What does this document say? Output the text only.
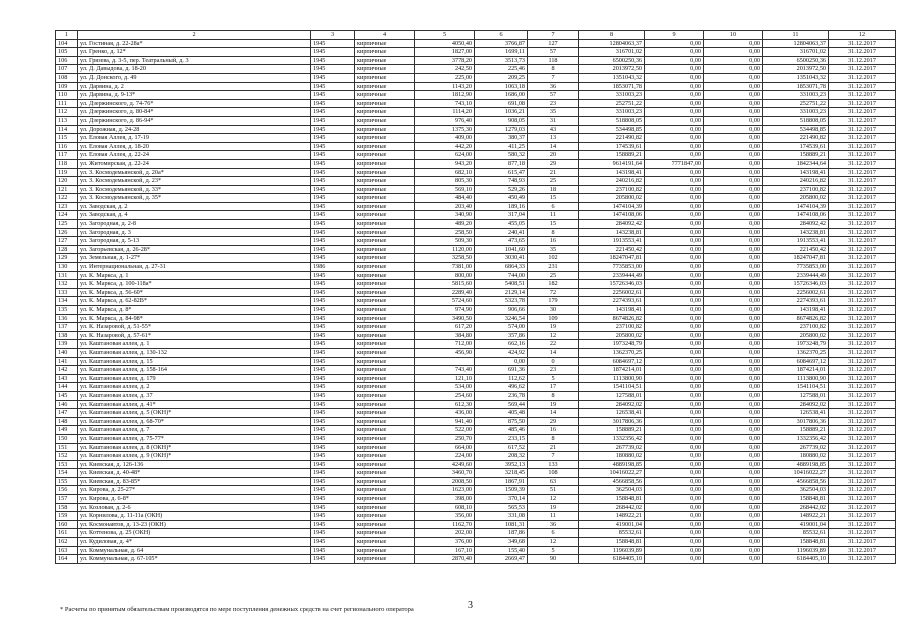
1	2	3	4	5	6	7	8	9	10	11	12
104	ул. Гостиная, д. 22-28а*	1945	кирпичные	4050,40	3766,87	127	12804063,37	0,00	0,00	12804063,37	31.12.2017
105	ул. Гренко, д. 12*	1945	кирпичные	1827,00	1699,11	57	316701,02	0,00	0,00	316701,02	31.12.2017
106	ул. Грязева, д. 3-5, пер. Театральный, д. 3	1945	кирпичные	3778,20	3513,73	118	6500250,36	0,00	0,00	6500250,36	31.12.2017
107	ул. Д. Давыдова, д. 18-20	1945	кирпичные	242,50	225,46	8	2013972,50	0,00	0,00	2013972,50	31.12.2017
108	ул. Д. Донского, д. 49	1945	кирпичные	225,00	209,25	7	1351043,32	0,00	0,00	1351043,32	31.12.2017
109	ул. Дарвина, д. 2	1945	кирпичные	1143,20	1063,18	36	1853071,78	0,00	0,00	1853071,78	31.12.2017
110	ул. Дарвина, д. 9-13*	1945	кирпичные	1812,90	1686,00	57	331003,23	0,00	0,00	331003,23	31.12.2017
111	ул. Дзержинского, д. 74-76*	1945	кирпичные	743,10	691,08	23	252751,22	0,00	0,00	252751,22	31.12.2017
112	ул. Дзержинского, д. 80-84*	1945	кирпичные	1114,20	1036,21	35	331003,23	0,00	0,00	331003,23	31.12.2017
113	ул. Дзержинского, д. 86-94*	1945	кирпичные	976,40	908,05	31	518808,05	0,00	0,00	518808,05	31.12.2017
114	ул. Дорожная, д. 24-28	1945	кирпичные	1375,30	1279,03	43	534498,85	0,00	0,00	534498,85	31.12.2017
115	ул. Еловая Аллея, д. 17-19	1945	кирпичные	409,00	380,37	13	221490,82	0,00	0,00	221490,82	31.12.2017
116	ул. Еловая Аллея, д. 18-20	1945	кирпичные	442,20	411,25	14	174539,61	0,00	0,00	174539,61	31.12.2017
117	ул. Еловая Аллея, д. 22-24	1945	кирпичные	624,00	580,32	20	158889,21	0,00	0,00	158889,21	31.12.2017
118	ул. Житомирская, д. 22-24	1945	кирпичные	943,20	877,18	29	9614191,64	7771847,00	0,00	1842344,64	31.12.2017
119	ул. З. Космодемьянской, д. 20а*	1945	кирпичные	682,10	615,47	21	143198,41	0,00	0,00	143198,41	31.12.2017
120	ул. З. Космодемьянской, д. 23*	1945	кирпичные	805,30	748,93	25	240216,82	0,00	0,00	240216,82	31.12.2017
121	ул. З. Космодемьянской, д. 33*	1945	кирпичные	569,10	529,26	18	237100,82	0,00	0,00	237100,82	31.12.2017
122	ул. З. Космодемьянской, д. 35*	1945	кирпичные	484,40	450,49	15	205800,02	0,00	0,00	205800,02	31.12.2017
123	ул. Заводская, д. 2	1945	кирпичные	203,40	189,16	6	1474104,39	0,00	0,00	1474104,39	31.12.2017
124	ул. Заводская, д. 4	1945	кирпичные	340,90	317,04	11	1474108,06	0,00	0,00	1474108,06	31.12.2017
125	ул. Загородная, д. 2-8	1945	кирпичные	489,20	455,05	15	284092,42	0,00	0,00	284092,42	31.12.2017
126	ул. Загородная, д. 3	1945	кирпичные	258,50	240,41	8	143238,81	0,00	0,00	143238,81	31.12.2017
127	ул. Загородная, д. 5-13	1945	кирпичные	509,30	473,65	16	1913553,41	0,00	0,00	1913553,41	31.12.2017
128	ул. Загорьевская, д. 26-28*	1945	кирпичные	1120,00	1041,60	35	221450,42	0,00	0,00	221450,42	31.12.2017
129	ул. Земельная, д. 1-27*	1945	кирпичные	3258,50	3030,41	102	18247047,81	0,00	0,00	18247047,81	31.12.2017
130	ул. Интернациональная, д. 27-31	1986	кирпичные	7381,00	6864,33	231	7735853,00	0,00	0,00	7735853,00	31.12.2017
131	ул. К. Маркса, д. 1	1945	кирпичные	800,00	744,00	25	2339444,49	0,00	0,00	2339444,49	31.12.2017
132	ул. К. Маркса, д. 100-118а*	1945	кирпичные	5815,60	5408,51	182	15726346,03	0,00	0,00	15726346,03	31.12.2017
133	ул. К. Маркса, д. 56-60*	1945	кирпичные	2289,40	2129,14	72	2256002,61	0,00	0,00	2256002,61	31.12.2017
134	ул. К. Маркса, д. 62-82В*	1945	кирпичные	5724,60	5323,78	179	2274393,61	0,00	0,00	2274393,61	31.12.2017
135	ул. К. Маркса, д. 8*	1945	кирпичные	974,90	906,66	30	143198,41	0,00	0,00	143198,41	31.12.2017
136	ул. К. Маркса, д. 84-98*	1945	кирпичные	3490,50	3246,54	109	8674826,82	0,00	0,00	8674826,82	31.12.2017
137	ул. К. Назаровой, д. 51-55*	1945	кирпичные	617,20	574,00	19	237100,82	0,00	0,00	237100,82	31.12.2017
138	ул. К. Назаровой, д. 57-61*	1945	кирпичные	384,80	357,86	12	205800,02	0,00	0,00	205800,02	31.12.2017
139	ул. Каштановая аллея, д. 1	1945	кирпичные	712,00	662,16	22	1973248,79	0,00	0,00	1973248,79	31.12.2017
140	ул. Каштановая аллея, д. 130-132	1945	кирпичные	456,90	424,92	14	1362370,25	0,00	0,00	1362370,25	31.12.2017
141	ул. Каштановая аллея, д. 15	1945	кирпичные		0,00	0	6084697,12	0,00	0,00	6084697,12	31.12.2017
142	ул. Каштановая аллея, д. 158-164	1945	кирпичные	743,40	691,36	23	1874214,01	0,00	0,00	1874214,01	31.12.2017
143	ул. Каштановая аллея, д. 179	1945	кирпичные	121,10	112,62	5	1113800,90	0,00	0,00	1113800,90	31.12.2017
144	ул. Каштановая аллея, д. 2	1945	кирпичные	534,00	496,62	17	1541104,51	0,00	0,00	1541104,51	31.12.2017
145	ул. Каштановая аллея, д. 37	1945	кирпичные	254,60	236,78	8	127588,01	0,00	0,00	127588,01	31.12.2017
146	ул. Каштановая аллея, д. 41*	1945	кирпичные	612,30	569,44	19	284092,02	0,00	0,00	284092,02	31.12.2017
147	ул. Каштановая аллея, д. 5 (ОКН)*	1945	кирпичные	436,00	405,48	14	126538,41	0,00	0,00	126538,41	31.12.2017
148	ул. Каштановая аллея, д. 68-70*	1945	кирпичные	941,40	875,50	29	3017806,36	0,00	0,00	3017806,36	31.12.2017
149	ул. Каштановая аллея, д. 7	1945	кирпичные	522,00	485,46	16	158889,21	0,00	0,00	158889,21	31.12.2017
150	ул. Каштановая аллея, д. 75-77*	1945	кирпичные	250,70	233,15	8	1332356,42	0,00	0,00	1332356,42	31.12.2017
151	ул. Каштановая аллея, д. 8 (ОКН)*	1945	кирпичные	664,00	617,52	21	267739,02	0,00	0,00	267739,02	31.12.2017
152	ул. Каштановая аллея, д. 9 (ОКН)*	1945	кирпичные	224,00	208,32	7	180880,02	0,00	0,00	180880,02	31.12.2017
153	ул. Киевская, д. 126-136	1945	кирпичные	4249,60	3952,13	133	4889198,85	0,00	0,00	4889198,85	31.12.2017
154	ул. Киевская, д. 40-48*	1945	кирпичные	3460,70	3218,45	108	10416022,27	0,00	0,00	10416022,27	31.12.2017
155	ул. Киевская, д. 83-85*	1945	кирпичные	2008,50	1867,91	63	4566858,56	0,00	0,00	4566858,56	31.12.2017
156	ул. Кирова, д. 25-27*	1945	кирпичные	1623,00	1509,39	51	362504,03	0,00	0,00	362504,03	31.12.2017
157	ул. Кирова, д. 6-8*	1945	кирпичные	398,00	370,14	12	158848,81	0,00	0,00	158848,81	31.12.2017
158	ул. Козловая, д. 2-6	1945	кирпичные	608,10	565,53	19	268442,02	0,00	0,00	268442,02	31.12.2017
159	ул. Корнилова, д. 11-11а (ОКН)	1945	кирпичные	356,00	331,08	11	148922,21	0,00	0,00	148922,21	31.12.2017
160	ул. Космонавтов, д. 13-23 (ОКН)	1945	кирпичные	1162,70	1081,31	36	419001,04	0,00	0,00	419001,04	31.12.2017
161	ул. Коттенова, д. 25 (ОКН)	1945	кирпичные	202,00	187,86	6	85532,61	0,00	0,00	85532,61	31.12.2017
162	ул. Кудиловая, д. 4*	1945	кирпичные	376,00	349,68	12	158848,81	0,00	0,00	158848,81	31.12.2017
163	ул. Коммунальная, д. 64	1945	кирпичные	167,10	155,40	5	1196039,89	0,00	0,00	1196039,89	31.12.2017
164	ул. Коммунальная, д. 67-105*	1945	кирпичные	2870,40	2669,47	90	6184405,10	0,00	0,00	6184405,10	31.12.2017
3
* Расчеты по принятым обязательствам производятся по мере поступления денежных средств на счет регионального оператора
